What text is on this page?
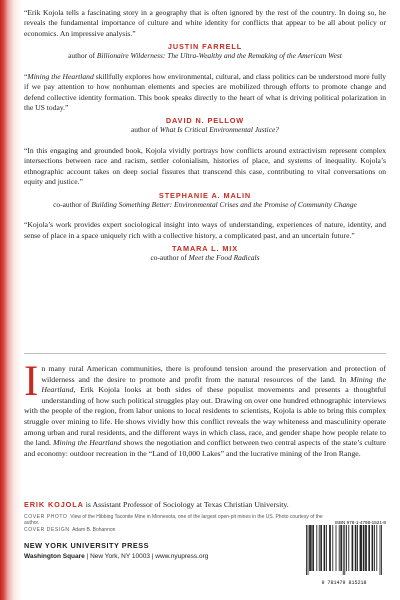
“Erik Kojola tells a fascinating story in a geography that is often ignored by the rest of the country. In doing so, he reveals the fundamental importance of culture and white identity for conflicts that appear to be all about policy or economics. An impressive analysis.”

JUSTIN FARRELL
author of Billionaire Wilderness: The Ultra-Wealthy and the Remaking of the American West

“Mining the Heartland skillfully explores how environmental, cultural, and class politics can be understood more fully if we pay attention to how nonhuman elements and species are mobilized through efforts to promote change and defend collective identity formation. This book speaks directly to the heart of what is driving political polarization in the US today.”

DAVID N. PELLOW
author of What Is Critical Environmental Justice?

“In this engaging and grounded book, Kojola vividly portrays how conflicts around extractivism represent complex intersections between race and racism, settler colonialism, histories of place, and systems of inequality. Kojola’s ethnographic account takes on deep social fissures that transcend this case, contributing to vital conversations on equity and justice.”

STEPHANIE A. MALIN
co-author of Building Something Better: Environmental Crises and the Promise of Community Change

“Kojola’s work provides expert sociological insight into ways of understanding, experiences of nature, identity, and sense of place in a space uniquely rich with a collective history, a complicated past, and an uncertain future.”

TAMARA L. MIX
co-author of Meet the Food Radicals
I n many rural American communities, there is profound tension around the preservation and protection of wilderness and the desire to promote and profit from the natural resources of the land. In Mining the Heartland, Erik Kojola looks at both sides of these populist movements and presents a thoughtful understanding of how such political struggles play out. Drawing on over one hundred ethnographic interviews with the people of the region, from labor unions to local residents to scientists, Kojola is able to bring this complex struggle over mining to life. He shows vividly how this conflict reveals the way whiteness and masculinity operate among urban and rural residents, and the different ways in which class, race, and gender shape how people relate to the land. Mining the Heartland shows the negotiation and conflict between two central aspects of the state’s culture and economy: outdoor recreation in the “Land of 10,000 Lakes” and the lucrative mining of the Iron Range.
ERIK KOJOLA is Assistant Professor of Sociology at Texas Christian University.
COVER PHOTO View of the Hibbing Taconite Mine in Minnesota, one of the largest open-pit mines in the US. Photo courtesy of the author.
COVER DESIGN Adam B. Bohannon
NEW YORK UNIVERSITY PRESS
Washington Square | New York, NY 10003 | www.nyupress.org
ISBN 978-1-4798-1521-8
9 781479 815218
